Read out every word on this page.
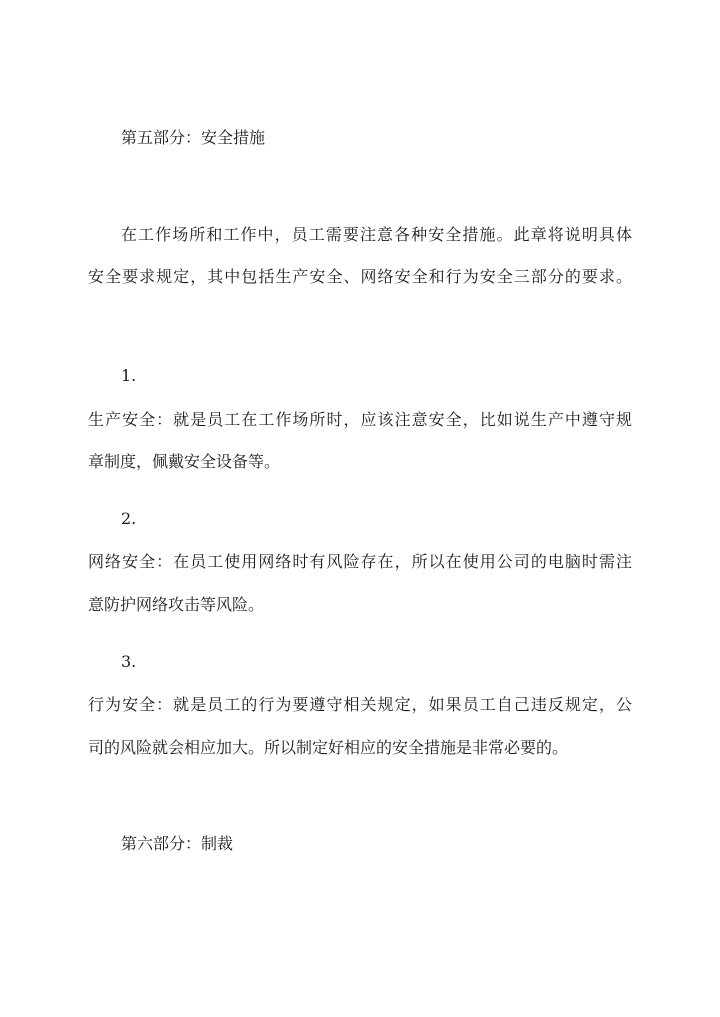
第五部分：安全措施
在工作场所和工作中，员工需要注意各种安全措施。此章将说明具体
安全要求规定，其中包括生产安全、网络安全和行为安全三部分的要求。
1.
生产安全：就是员工在工作场所时，应该注意安全，比如说生产中遵守规
章制度，佩戴安全设备等。
2.
网络安全：在员工使用网络时有风险存在，所以在使用公司的电脑时需注
意防护网络攻击等风险。
3.
行为安全：就是员工的行为要遵守相关规定，如果员工自己违反规定，公
司的风险就会相应加大。所以制定好相应的安全措施是非常必要的。
第六部分：制裁
